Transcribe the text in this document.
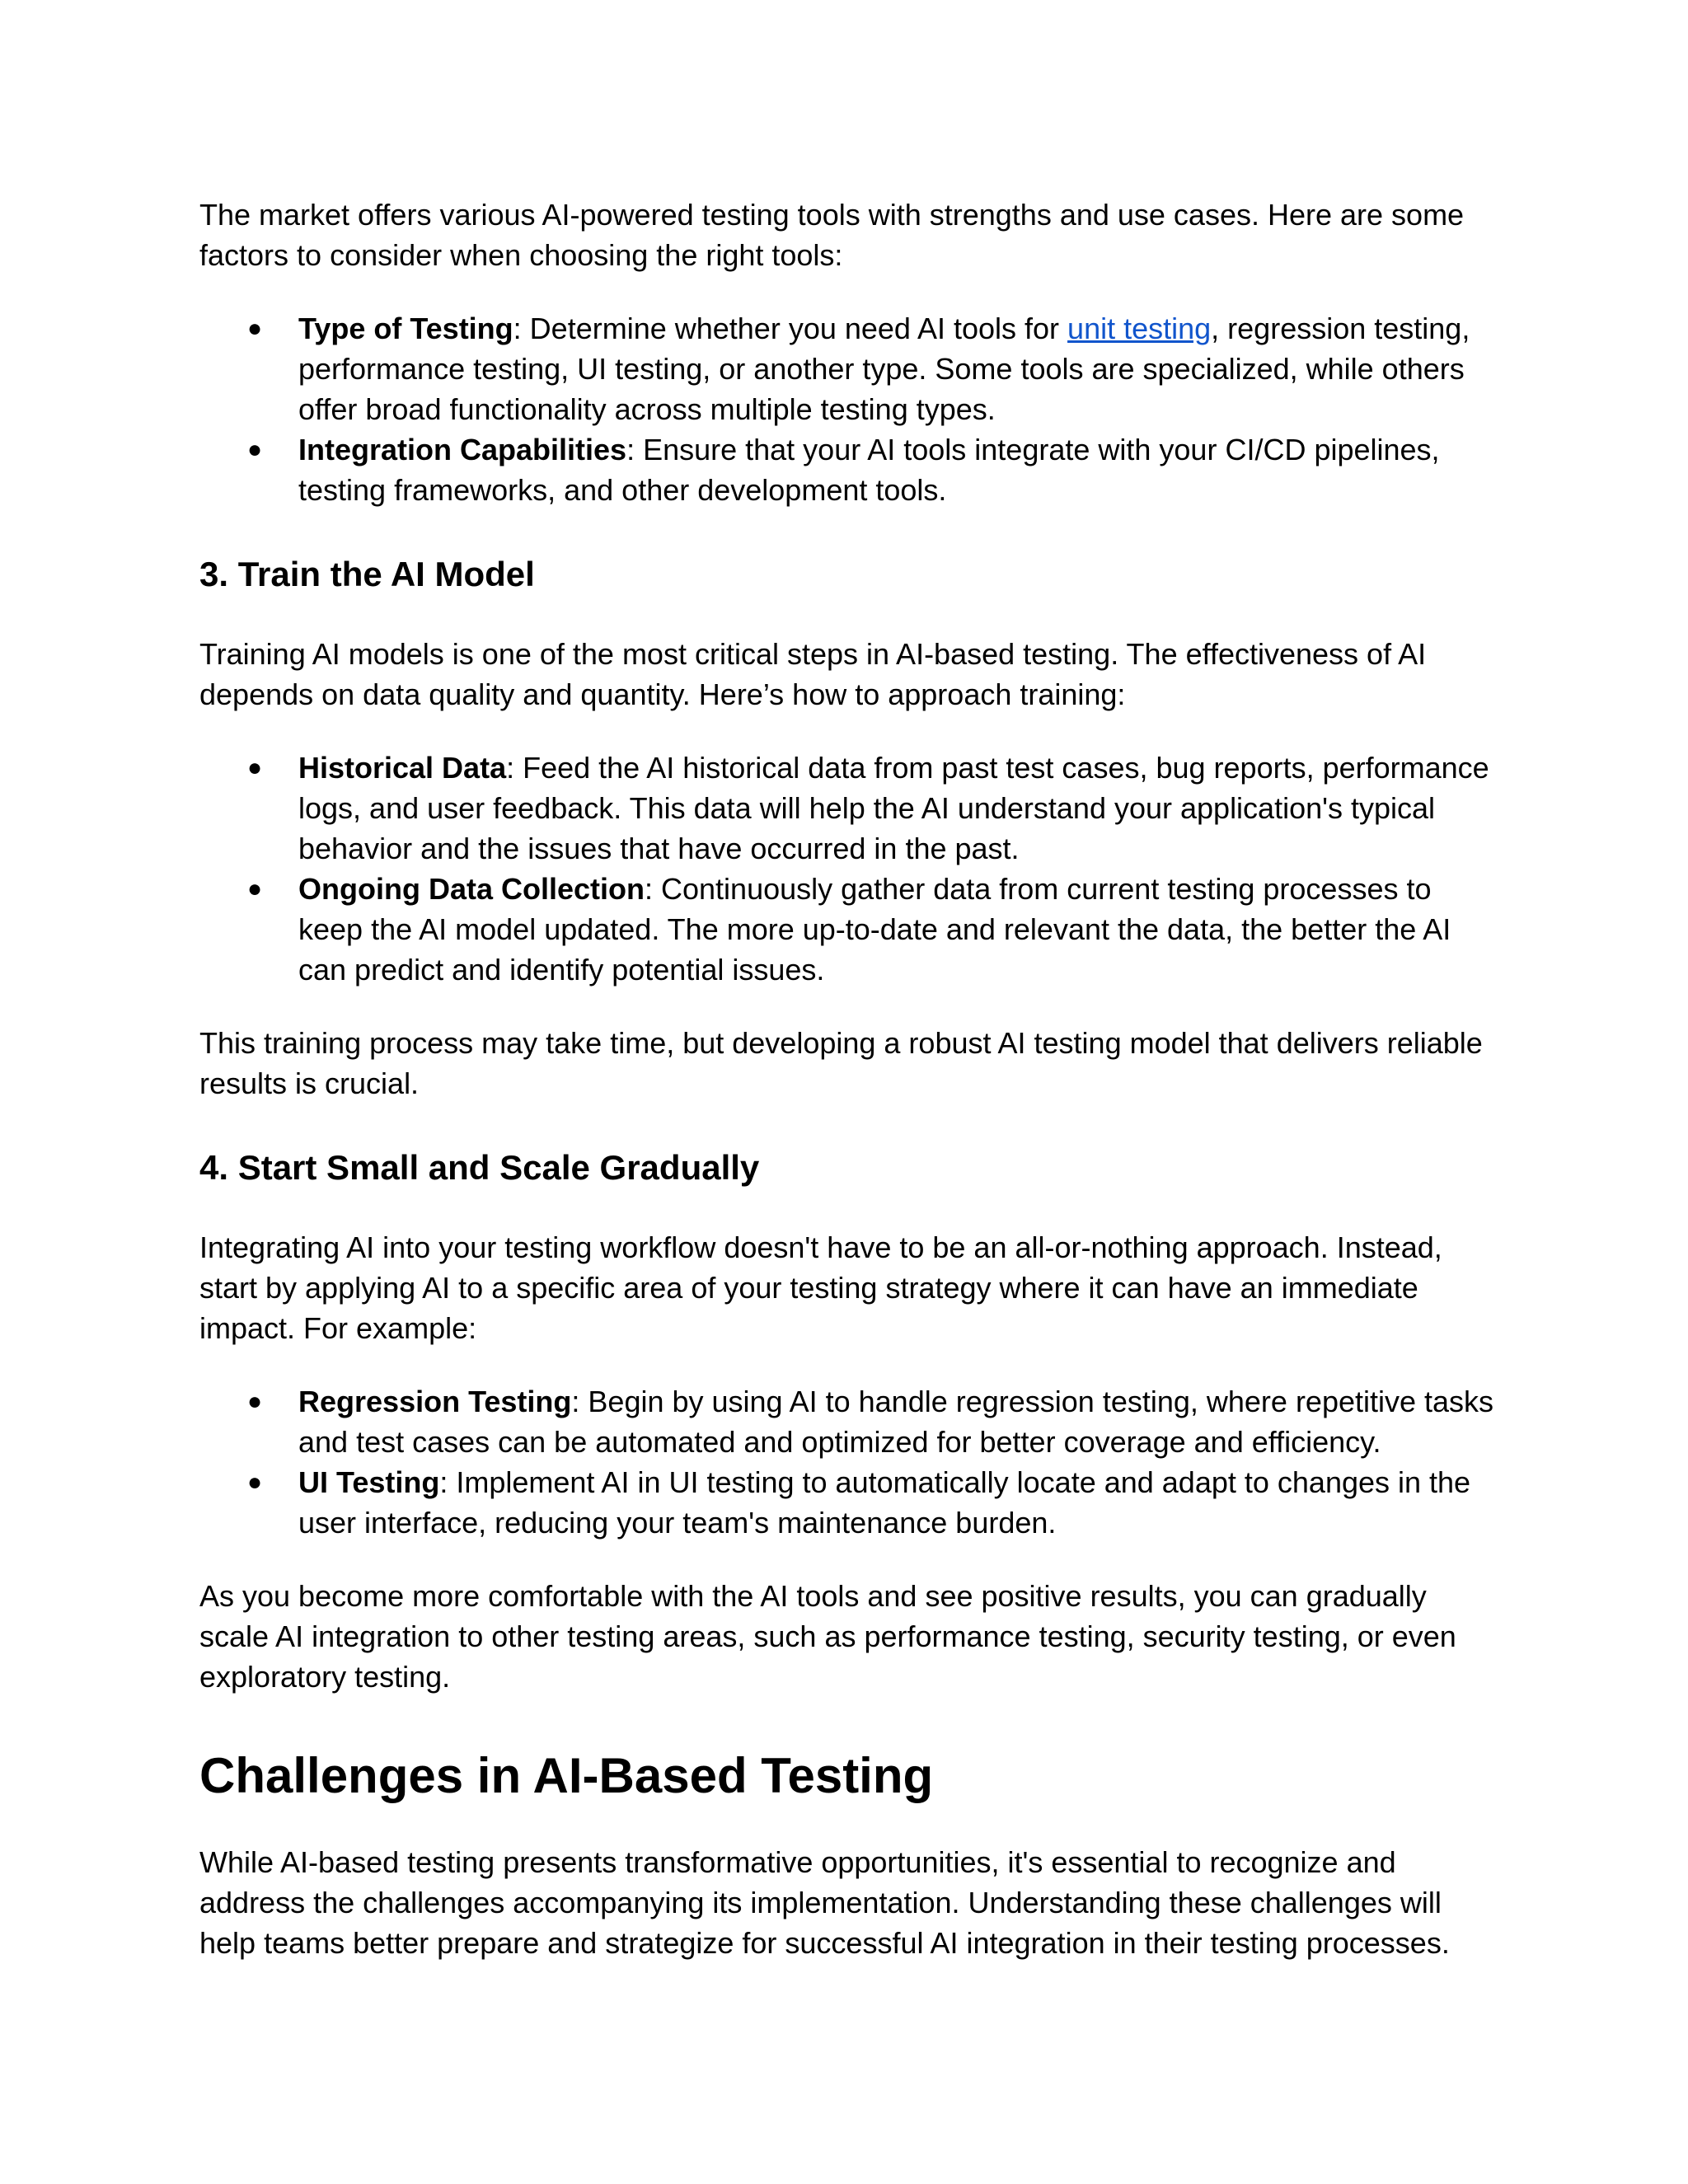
The market offers various AI-powered testing tools with strengths and use cases. Here are some factors to consider when choosing the right tools:

● Type of Testing: Determine whether you need AI tools for unit testing, regression testing, performance testing, UI testing, or another type. Some tools are specialized, while others offer broad functionality across multiple testing types.
● Integration Capabilities: Ensure that your AI tools integrate with your CI/CD pipelines, testing frameworks, and other development tools.
3. Train the AI Model

Training AI models is one of the most critical steps in AI-based testing. The effectiveness of AI depends on data quality and quantity. Here’s how to approach training:

● Historical Data: Feed the AI historical data from past test cases, bug reports, performance logs, and user feedback. This data will help the AI understand your application's typical behavior and the issues that have occurred in the past.
● Ongoing Data Collection: Continuously gather data from current testing processes to keep the AI model updated. The more up-to-date and relevant the data, the better the AI can predict and identify potential issues.

This training process may take time, but developing a robust AI testing model that delivers reliable results is crucial.

4. Start Small and Scale Gradually

Integrating AI into your testing workflow doesn't have to be an all-or-nothing approach. Instead, start by applying AI to a specific area of your testing strategy where it can have an immediate impact. For example:

● Regression Testing: Begin by using AI to handle regression testing, where repetitive tasks and test cases can be automated and optimized for better coverage and efficiency.
● UI Testing: Implement AI in UI testing to automatically locate and adapt to changes in the user interface, reducing your team's maintenance burden.

As you become more comfortable with the AI tools and see positive results, you can gradually scale AI integration to other testing areas, such as performance testing, security testing, or even exploratory testing.

Challenges in AI-Based Testing

While AI-based testing presents transformative opportunities, it's essential to recognize and address the challenges accompanying its implementation. Understanding these challenges will help teams better prepare and strategize for successful AI integration in their testing processes.
